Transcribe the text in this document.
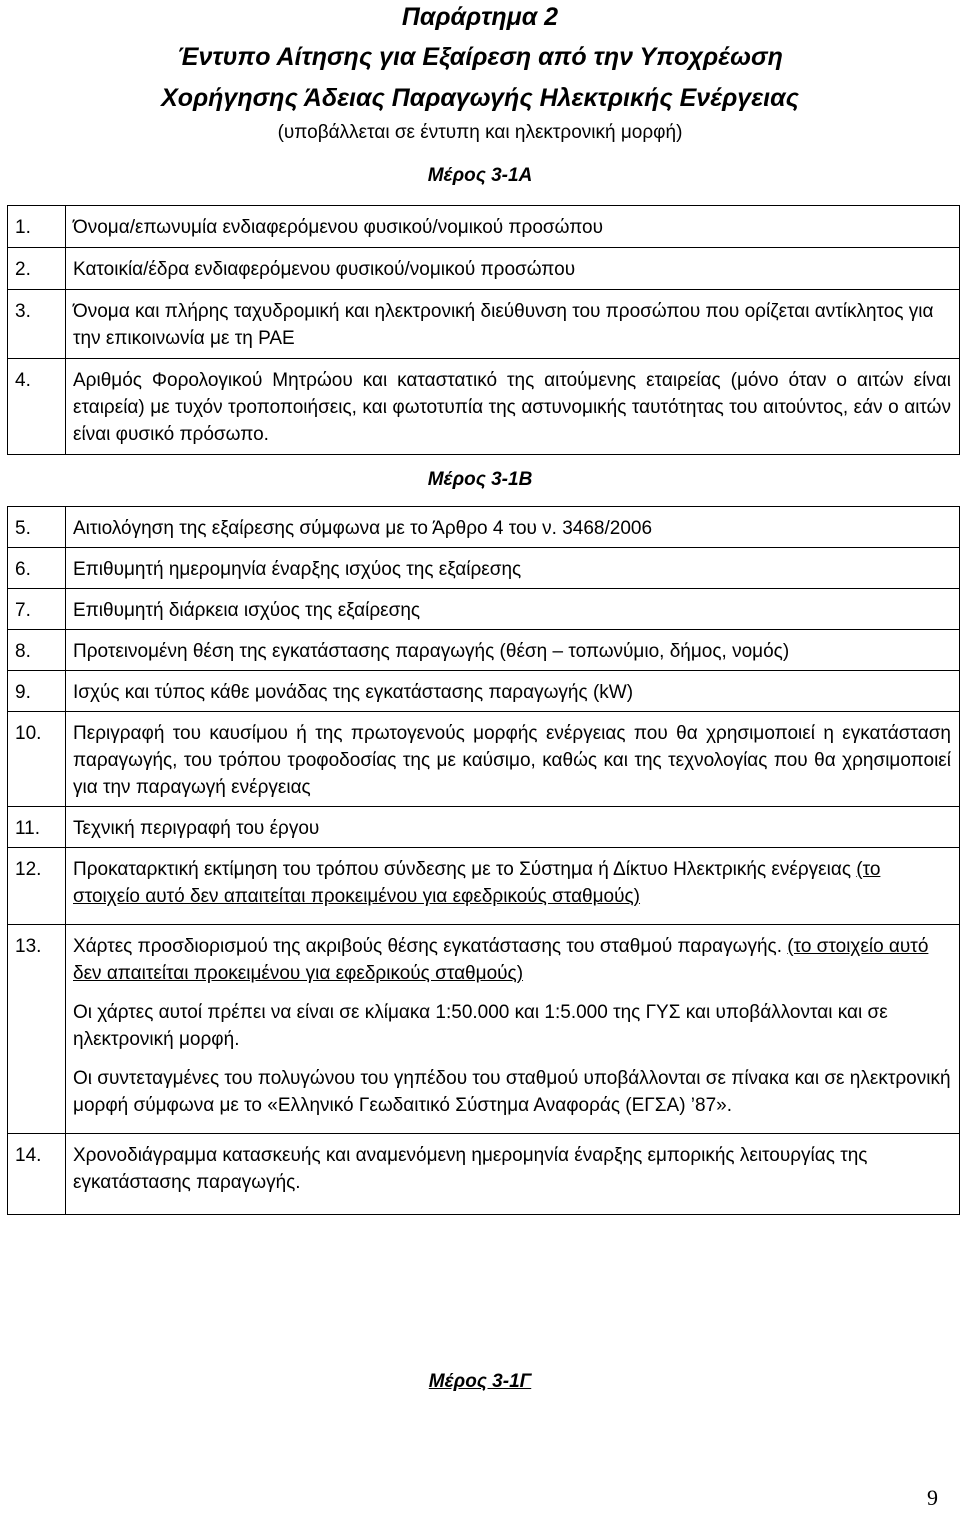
Παράρτημα 2
Έντυπο Αίτησης για Εξαίρεση από την Υποχρέωση
Χορήγησης Άδειας Παραγωγής Ηλεκτρικής Ενέργειας
(υποβάλλεται σε έντυπη και ηλεκτρονική μορφή)
Μέρος 3-1Α
1.	Όνομα/επωνυμία ενδιαφερόμενου φυσικού/νομικού προσώπου
2.	Κατοικία/έδρα ενδιαφερόμενου φυσικού/νομικού προσώπου
3.	Όνομα και πλήρης ταχυδρομική και ηλεκτρονική διεύθυνση του προσώπου που ορίζεται αντίκλητος για την επικοινωνία με τη ΡΑΕ
4.	Αριθμός Φορολογικού Μητρώου και καταστατικό της αιτούμενης εταιρείας (μόνο όταν ο αιτών είναι εταιρεία) με τυχόν τροποποιήσεις, και φωτοτυπία της αστυνομικής ταυτότητας του αιτούντος, εάν ο αιτών είναι φυσικό πρόσωπο.
Μέρος 3-1Β
5.	Αιτιολόγηση της εξαίρεσης σύμφωνα με το Άρθρο 4 του ν. 3468/2006
6.	Επιθυμητή ημερομηνία έναρξης ισχύος της εξαίρεσης
7.	Επιθυμητή διάρκεια ισχύος της εξαίρεσης
8.	Προτεινομένη θέση της εγκατάστασης παραγωγής (θέση – τοπωνύμιο, δήμος, νομός)
9.	Ισχύς και τύπος κάθε μονάδας της εγκατάστασης παραγωγής (kW)
10.	Περιγραφή του καυσίμου ή της πρωτογενούς μορφής ενέργειας που θα χρησιμοποιεί η εγκατάσταση παραγωγής, του τρόπου τροφοδοσίας της με καύσιμο, καθώς και της τεχνολογίας που θα χρησιμοποιεί για την παραγωγή ενέργειας
11.	Τεχνική περιγραφή του έργου
12.	Προκαταρκτική εκτίμηση του τρόπου σύνδεσης με το Σύστημα ή Δίκτυο Ηλεκτρικής ενέργειας (το στοιχείο αυτό δεν απαιτείται προκειμένου για εφεδρικούς σταθμούς)
13.	Χάρτες προσδιορισμού της ακριβούς θέσης εγκατάστασης του σταθμού παραγωγής. (το στοιχείο αυτό δεν απαιτείται προκειμένου για εφεδρικούς σταθμούς)

Οι χάρτες αυτοί πρέπει να είναι σε κλίμακα 1:50.000 και 1:5.000 της ΓΥΣ και υποβάλλονται και σε ηλεκτρονική μορφή.

Οι συντεταγμένες του πολυγώνου του γηπέδου του σταθμού υποβάλλονται σε πίνακα και σε ηλεκτρονική μορφή σύμφωνα με το «Ελληνικό Γεωδαιτικό Σύστημα Αναφοράς (ΕΓΣΑ) ’87».

14.	Χρονοδιάγραμμα κατασκευής και αναμενόμενη ημερομηνία έναρξης εμπορικής λειτουργίας της εγκατάστασης παραγωγής.
Μέρος 3-1Γ
9
